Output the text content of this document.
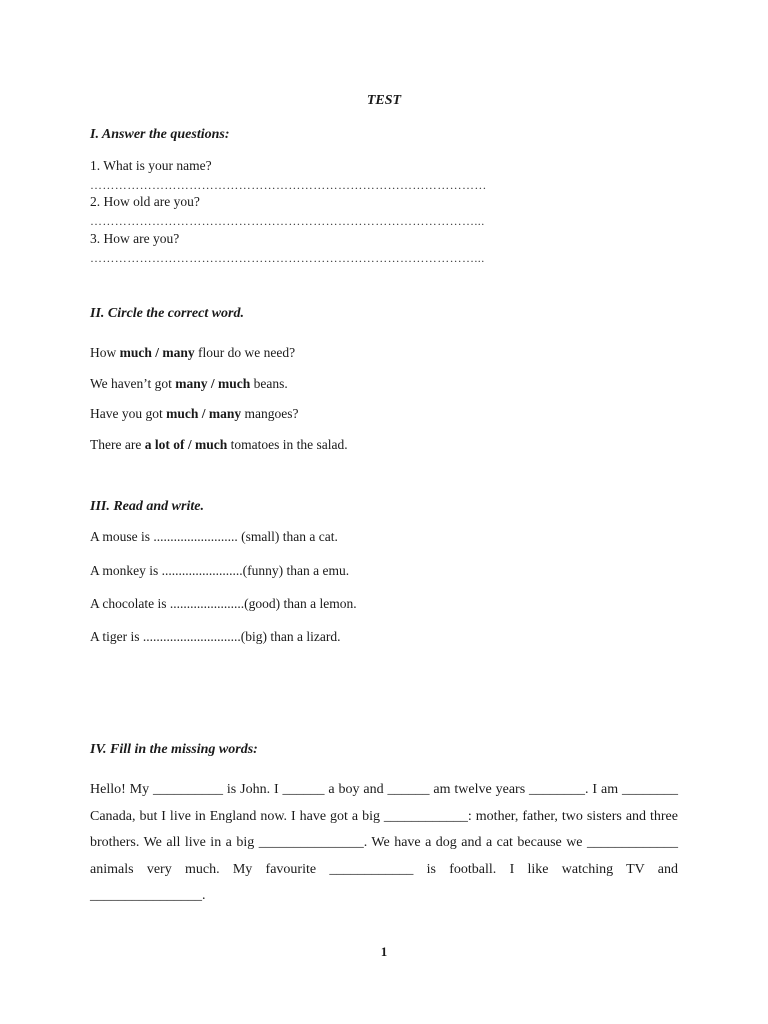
TEST
I. Answer the questions:
1. What is your name?
……………………………………………………………………………………
2. How old are you?
…………………………………………………………………………………...
3. How are you?
…………………………………………………………………………………...
II. Circle the correct word.
How much / many flour do we need?
We haven’t got many / much beans.
Have you got much / many mangoes?
There are a lot of / much tomatoes in the salad.
III. Read and write.
A mouse is ......................... (small) than a cat.
A monkey is ........................(funny) than a emu.
A chocolate is ......................(good) than a lemon.
A tiger is .............................(big) than a lizard.
IV. Fill in the missing words:
Hello! My __________ is John. I ______ a boy and ______ am twelve years ________. I am ________ Canada, but I live in England now. I have got a big ____________: mother, father, two sisters and three brothers. We all live in a big _______________. We have a dog and a cat because we _____________ animals very much. My favourite ____________ is football. I like watching TV and ________________.
1
